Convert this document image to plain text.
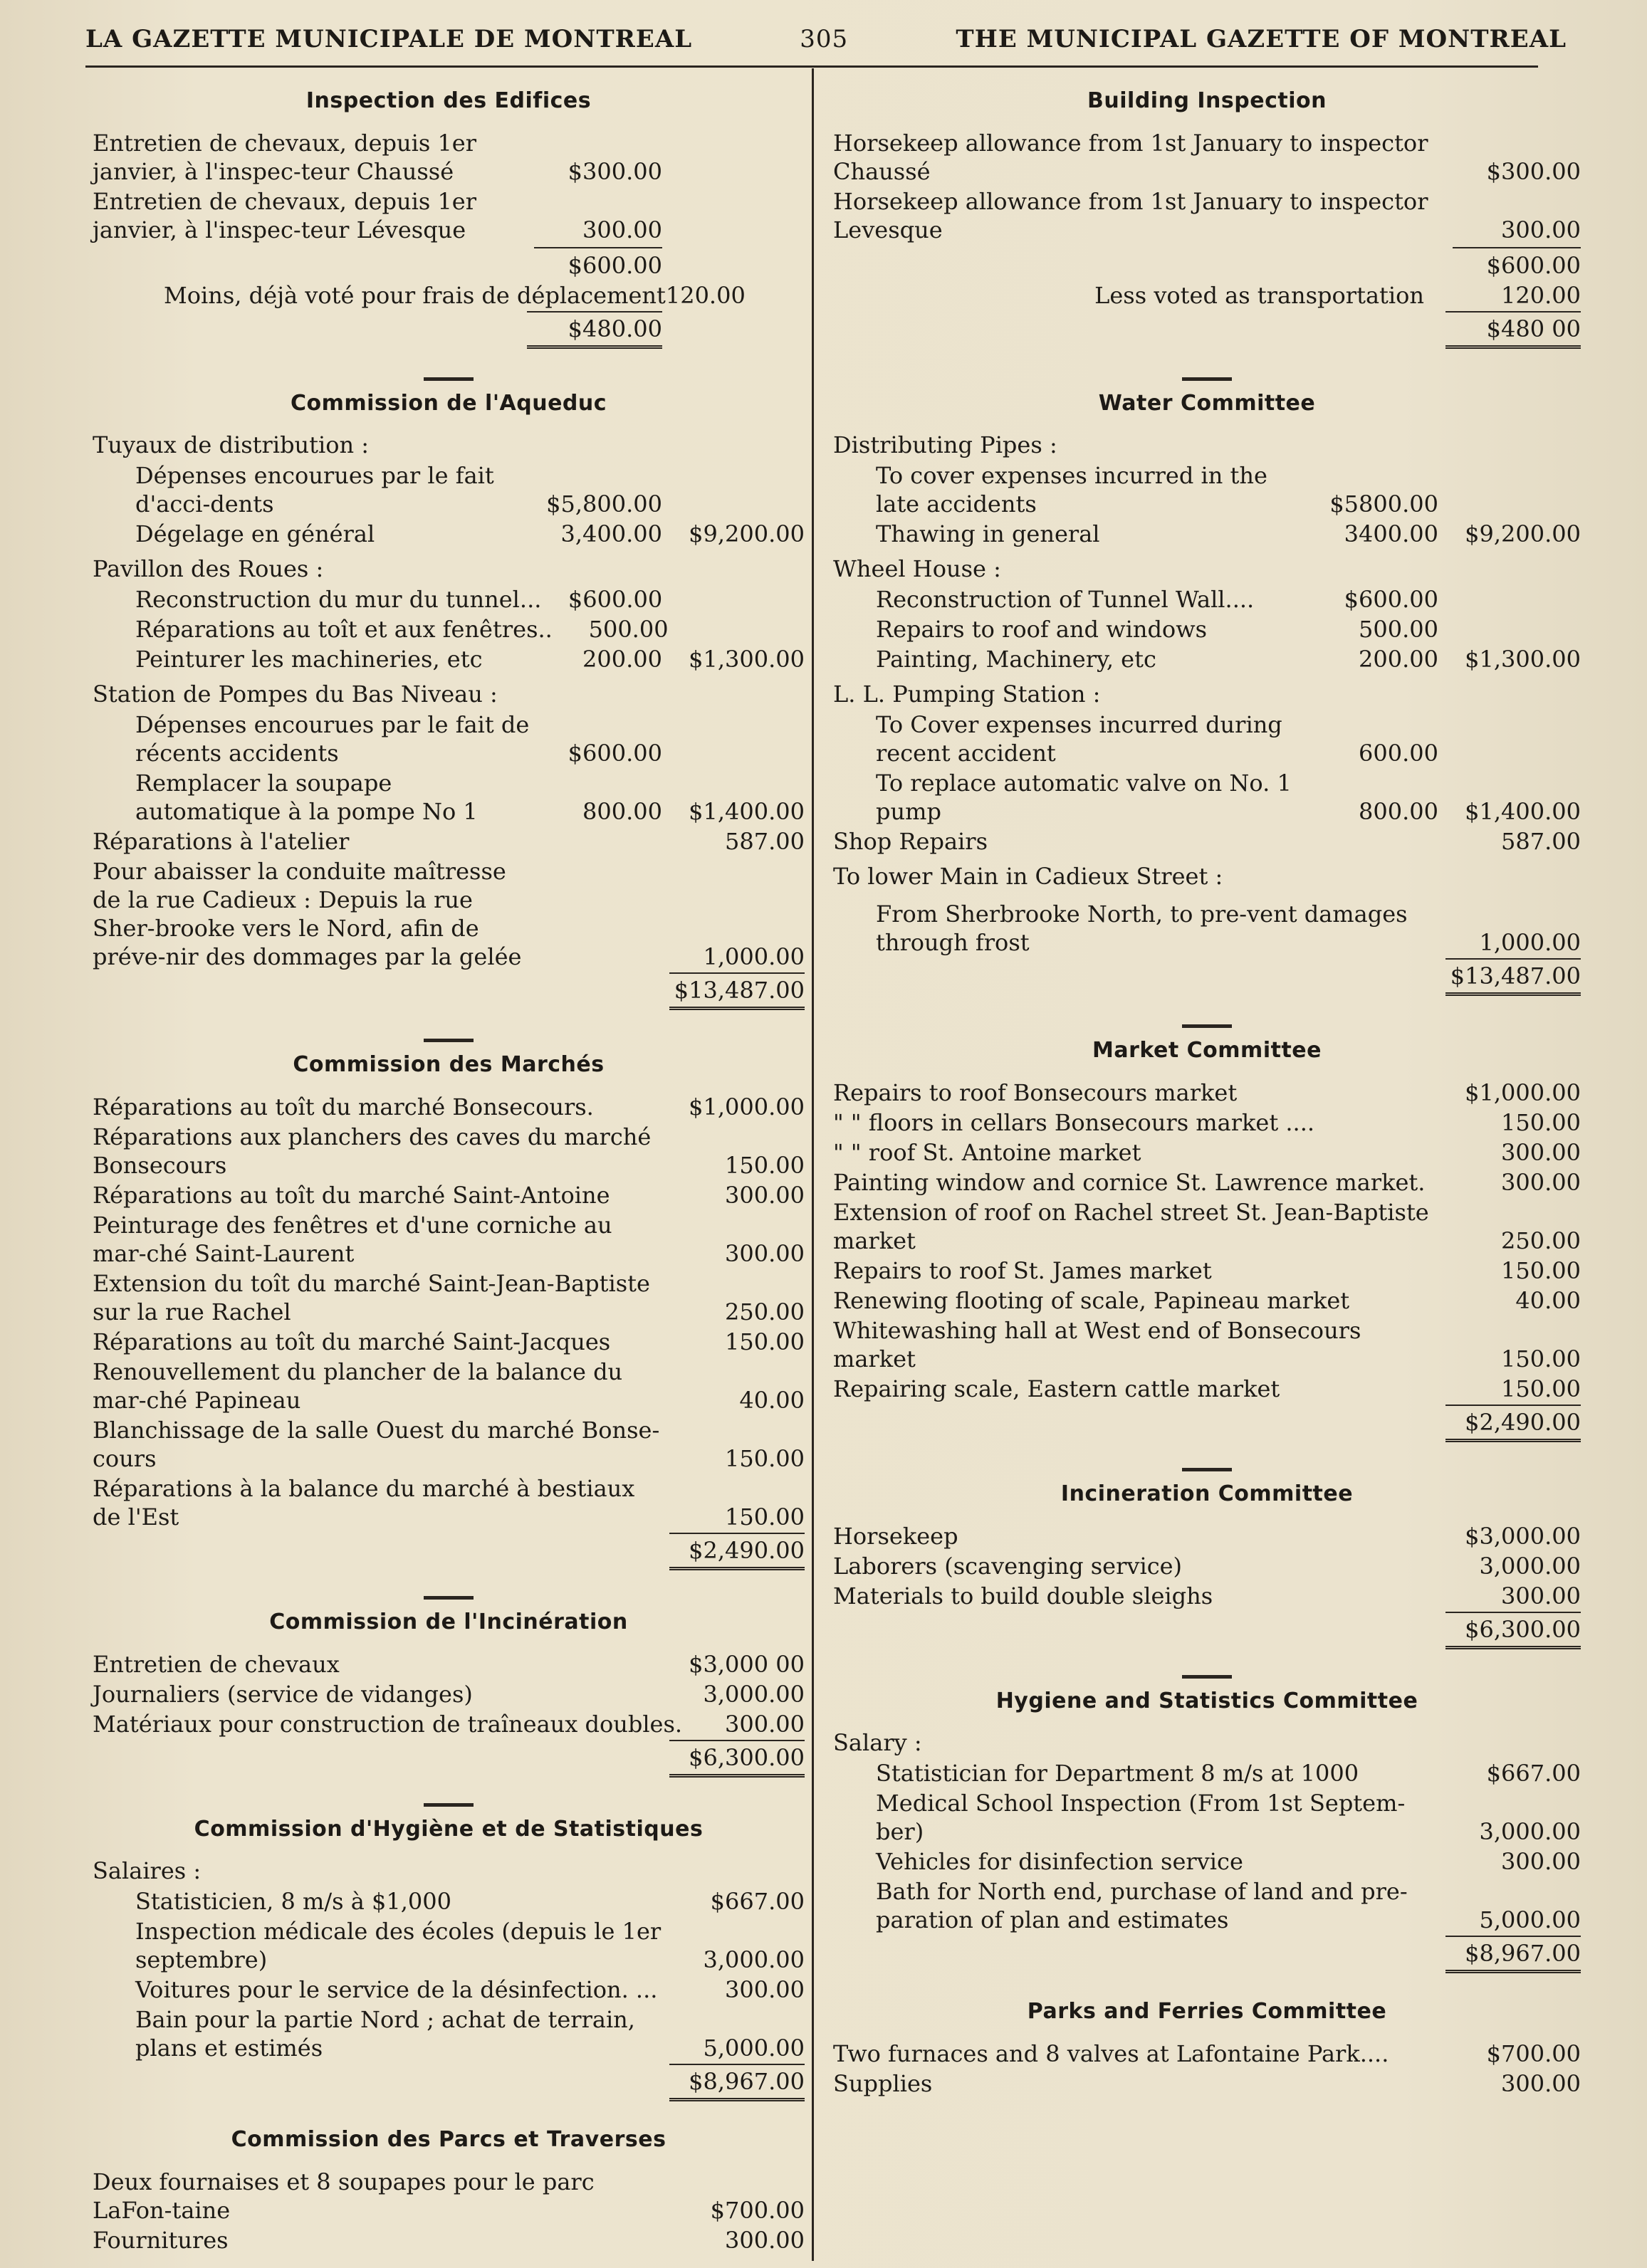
LA GAZETTE MUNICIPALE DE MONTREAL	305	THE MUNICIPAL GAZETTE OF MONTREAL
Inspection des Edifices
Entretien de chevaux, depuis 1er janvier, à l'inspec-teur Chaussé	$300.00
Entretien de chevaux, depuis 1er janvier, à l'inspec-teur Lévesque	300.00
$600.00
Moins, déjà voté pour frais de déplacement 120.00
$480.00
Commission de l'Aqueduc
Tuyaux de distribution :
Dépenses encourues par le fait d'acci-dents	$5,800.00
Dégelage en général	3,400.00	$9,200.00
Pavillon des Roues :
Reconstruction du mur du tunnel...	$600.00
Réparations au toît et aux fenêtres..	500.00
Peinturer les machineries, etc	200.00	$1,300.00
Station de Pompes du Bas Niveau :
Dépenses encourues par le fait de récents accidents	$600.00
Remplacer la soupape automatique à la pompe No 1	800.00	$1,400.00
Réparations à l'atelier	587.00
Pour abaisser la conduite maîtresse de la rue Cadieux : Depuis la rue Sher-brooke vers le Nord, afin de préve-nir des dommages par la gelée	1,000.00
$13,487.00
Commission des Marchés
Réparations au toît du marché Bonsecours.	$1,000.00
Réparations aux planchers des caves du marché Bonsecours	150.00
Réparations au toît du marché Saint-Antoine	300.00
Peinturage des fenêtres et d'une corniche au mar-ché Saint-Laurent	300.00
Extension du toît du marché Saint-Jean-Baptiste sur la rue Rachel	250.00
Réparations au toît du marché Saint-Jacques	150.00
Renouvellement du plancher de la balance du mar-ché Papineau	40.00
Blanchissage de la salle Ouest du marché Bonse-cours	150.00
Réparations à la balance du marché à bestiaux de l'Est	150.00
$2,490.00
Commission de l'Incinération
Entretien de chevaux	$3,000 00
Journaliers (service de vidanges)	3,000.00
Matériaux pour construction de traîneaux doubles.	300.00
$6,300.00
Commission d'Hygiène et de Statistiques
Salaires :
Statisticien, 8 m/s à $1,000	$667.00
Inspection médicale des écoles (depuis le 1er septembre)	3,000.00
Voitures pour le service de la désinfection. ...	300.00
Bain pour la partie Nord ; achat de terrain, plans et estimés	5,000.00
$8,967.00
Commission des Parcs et Traverses
Deux fournaises et 8 soupapes pour le parc LaFon-taine	$700.00
Fournitures	300.00
Building Inspection
Horsekeep allowance from 1st January to inspector Chaussé	$300.00
Horsekeep allowance from 1st January to inspector Levesque	300.00
$600.00
Less voted as transportation	120.00
$480 00
Water Committee
Distributing Pipes :
To cover expenses incurred in the late accidents	$5800.00
Thawing in general	3400.00	$9,200.00
Wheel House :
Reconstruction of Tunnel Wall....	$600.00
Repairs to roof and windows	500.00
Painting, Machinery, etc	200.00	$1,300.00
L. L. Pumping Station :
To Cover expenses incurred during recent accident	600.00
To replace automatic valve on No. 1 pump	800.00	$1,400.00
Shop Repairs	587.00
To lower Main in Cadieux Street :
From Sherbrooke North, to pre-vent damages through frost	1,000.00
$13,487.00
Market Committee
Repairs to roof Bonsecours market	$1,000.00
" " floors in cellars Bonsecours market ....	150.00
" " roof St. Antoine market	300.00
Painting window and cornice St. Lawrence market.	300.00
Extension of roof on Rachel street St. Jean-Baptiste market	250.00
Repairs to roof St. James market	150.00
Renewing flooting of scale, Papineau market	40.00
Whitewashing hall at West end of Bonsecours market	150.00
Repairing scale, Eastern cattle market	150.00
$2,490.00
Incineration Committee
Horsekeep	$3,000.00
Laborers (scavenging service)	3,000.00
Materials to build double sleighs	300.00
$6,300.00
Hygiene and Statistics Committee
Salary :
Statistician for Department 8 m/s at 1000	$667.00
Medical School Inspection (From 1st Septem-ber)	3,000.00
Vehicles for disinfection service	300.00
Bath for North end, purchase of land and pre-paration of plan and estimates	5,000.00
$8,967.00
Parks and Ferries Committee
Two furnaces and 8 valves at Lafontaine Park....	$700.00
Supplies	300.00
